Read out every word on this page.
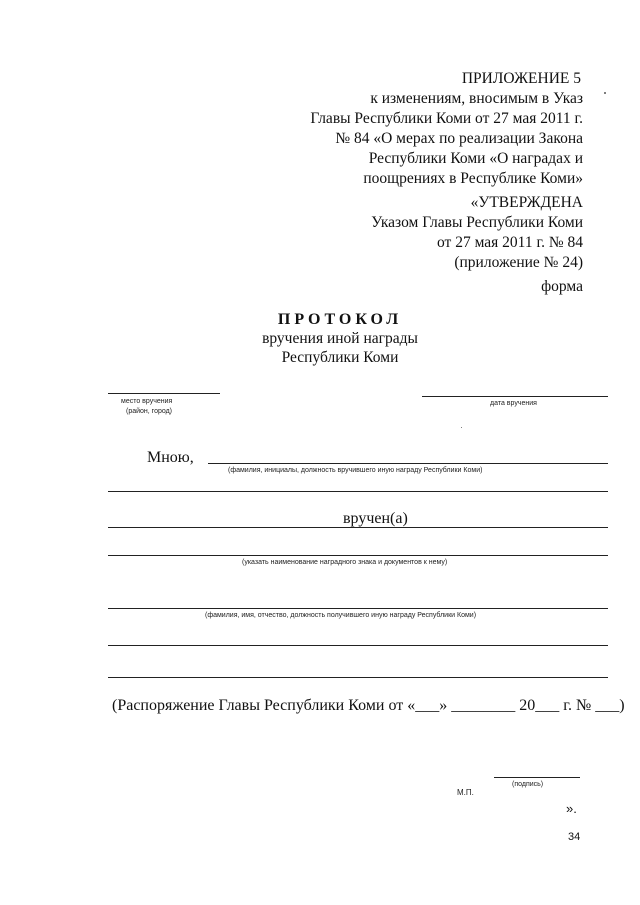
ПРИЛОЖЕНИЕ 5
к изменениям, вносимым в Указ
Главы Республики Коми от 27 мая 2011 г.
№ 84 «О мерах по реализации Закона
Республики Коми «О наградах и
поощрениях в Республике Коми»
«УТВЕРЖДЕНА
Указом Главы Республики Коми
от 27 мая 2011 г. № 84
(приложение № 24)
форма
ПРОТОКОЛ
вручения иной награды
Республики Коми
место вручения
(район, город)
дата вручения
Мною,
(фамилия, инициалы, должность вручившего иную награду Республики Коми)
вручен(а)
(указать наименование наградного знака и документов к нему)
(фамилия, имя, отчество, должность получившего иную награду Республики Коми)
(Распоряжение Главы Республики Коми от «___» ________ 20___ г. № ___)
(подпись)
М.П.
».
34
